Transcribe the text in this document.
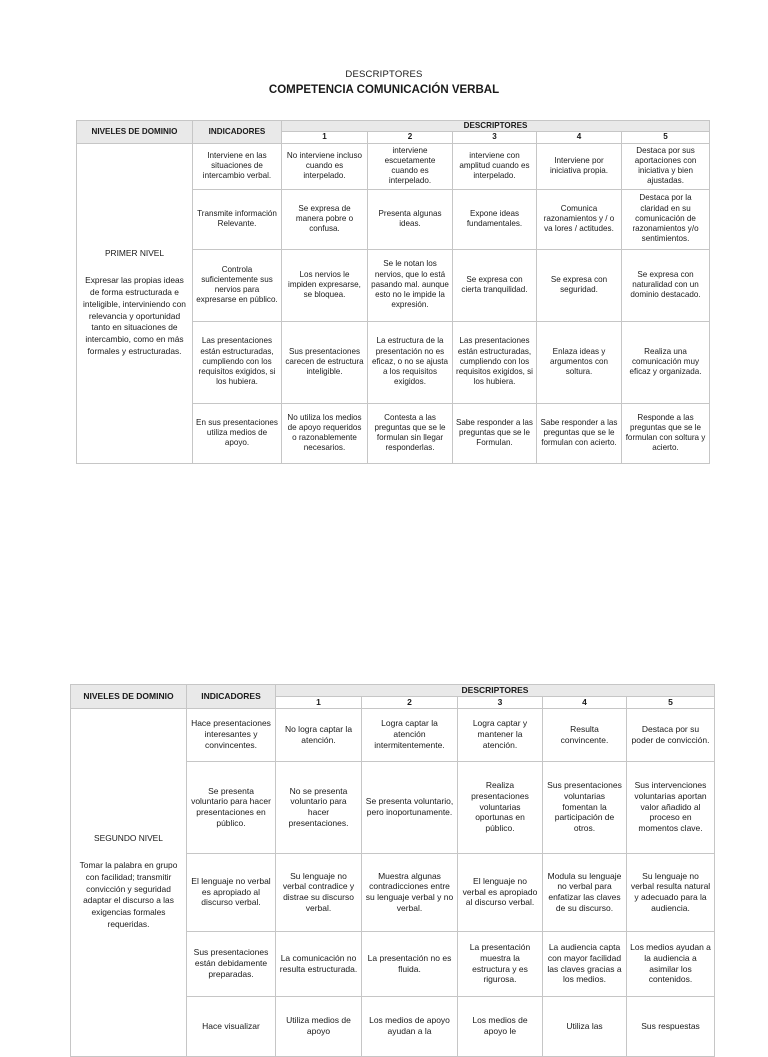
DESCRIPTORES
COMPETENCIA COMUNICACIÓN VERBAL
NIVELES DE DOMINIO	INDICADORES	DESCRIPTORES				
		1	2	3	4	5

PRIMER NIVEL
Expresar las propias ideas de forma estructurada e inteligible, interviniendo con relevancia y oportunidad tanto en situaciones de intercambio, como en más formales y estructuradas.	Interviene en las situaciones de intercambio verbal.	No interviene incluso cuando es interpelado.	interviene escuetamente cuando es interpelado.	interviene con amplitud cuando es interpelado.	Interviene por iniciativa propia.	Destaca por sus aportaciones con iniciativa y bien ajustadas.
	Transmite información Relevante.	Se expresa de manera pobre o confusa.	Presenta algunas ideas.	Expone ideas fundamentales.	Comunica razonamientos y / o va lores / actitudes.	Destaca por la claridad en su comunicación de razonamientos y/o sentimientos.
	Controla suficientemente sus nervios para expresarse en público.	Los nervios le impiden expresarse, se bloquea.	Se le notan los nervios, que lo está pasando mal. aunque esto no le impide la expresión.	Se expresa con cierta tranquilidad.	Se expresa con seguridad.	Se expresa con naturalidad con un dominio destacado.
	Las presentaciones están estructuradas, cumpliendo con los requisitos exigidos, si los hubiera.	Sus presentaciones carecen de estructura inteligible.	La estructura de la presentación no es eficaz, o no se ajusta a los requisitos exigidos.	Las presentaciones están estructuradas, cumpliendo con los requisitos exigidos, si los hubiera.	Enlaza ideas y argumentos con soltura.	Realiza una comunicación muy eficaz y organizada.
	En sus presentaciones utiliza medios de apoyo.	No utiliza los medios de apoyo requeridos o razonablemente necesarios.	Contesta a las preguntas que se le formulan sin llegar responderlas.	Sabe responder a las preguntas que se le Formulan.	Sabe responder a las preguntas que se le formulan con acierto.	Responde a las preguntas que se le formulan con soltura y acierto.
NIVELES DE DOMINIO	INDICADORES	DESCRIPTORES				
		1	2	3	4	5

SEGUNDO NIVEL
Tomar la palabra en grupo con facilidad; transmitir convicción y seguridad adaptar el discurso a las exigencias formales requeridas.	Hace presentaciones interesantes y convincentes.	No logra captar la atención.	Logra captar la atención intermitentemente.	Logra captar y mantener la atención.	Resulta convincente.	Destaca por su poder de convicción.
	Se presenta voluntario para hacer presentaciones en público.	No se presenta voluntario para hacer presentaciones.	Se presenta voluntario, pero inoportunamente.	Realiza presentaciones voluntarias oportunas en público.	Sus presentaciones voluntarias fomentan la participación de otros.	Sus intervenciones voluntarias aportan valor añadido al proceso en momentos clave.
	El lenguaje no verbal es apropiado al discurso verbal.	Su lenguaje no verbal contradice y distrae su discurso verbal.	Muestra algunas contradicciones entre su lenguaje verbal y no verbal.	El lenguaje no verbal es apropiado al discurso verbal.	Modula su lenguaje no verbal para enfatizar las claves de su discurso.	Su lenguaje no verbal resulta natural y adecuado para la audiencia.
	Sus presentaciones están debidamente preparadas.	La comunicación no resulta estructurada.	La presentación no es fluida.	La presentación muestra la estructura y es rigurosa.	La audiencia capta con mayor facilidad las claves gracias a los medios.	Los medios ayudan a la audiencia a asimilar los contenidos.
	Hace visualizar	Utiliza medios de apoyo	Los medios de apoyo ayudan a la	Los medios de apoyo le	Utiliza las	Sus respuestas
